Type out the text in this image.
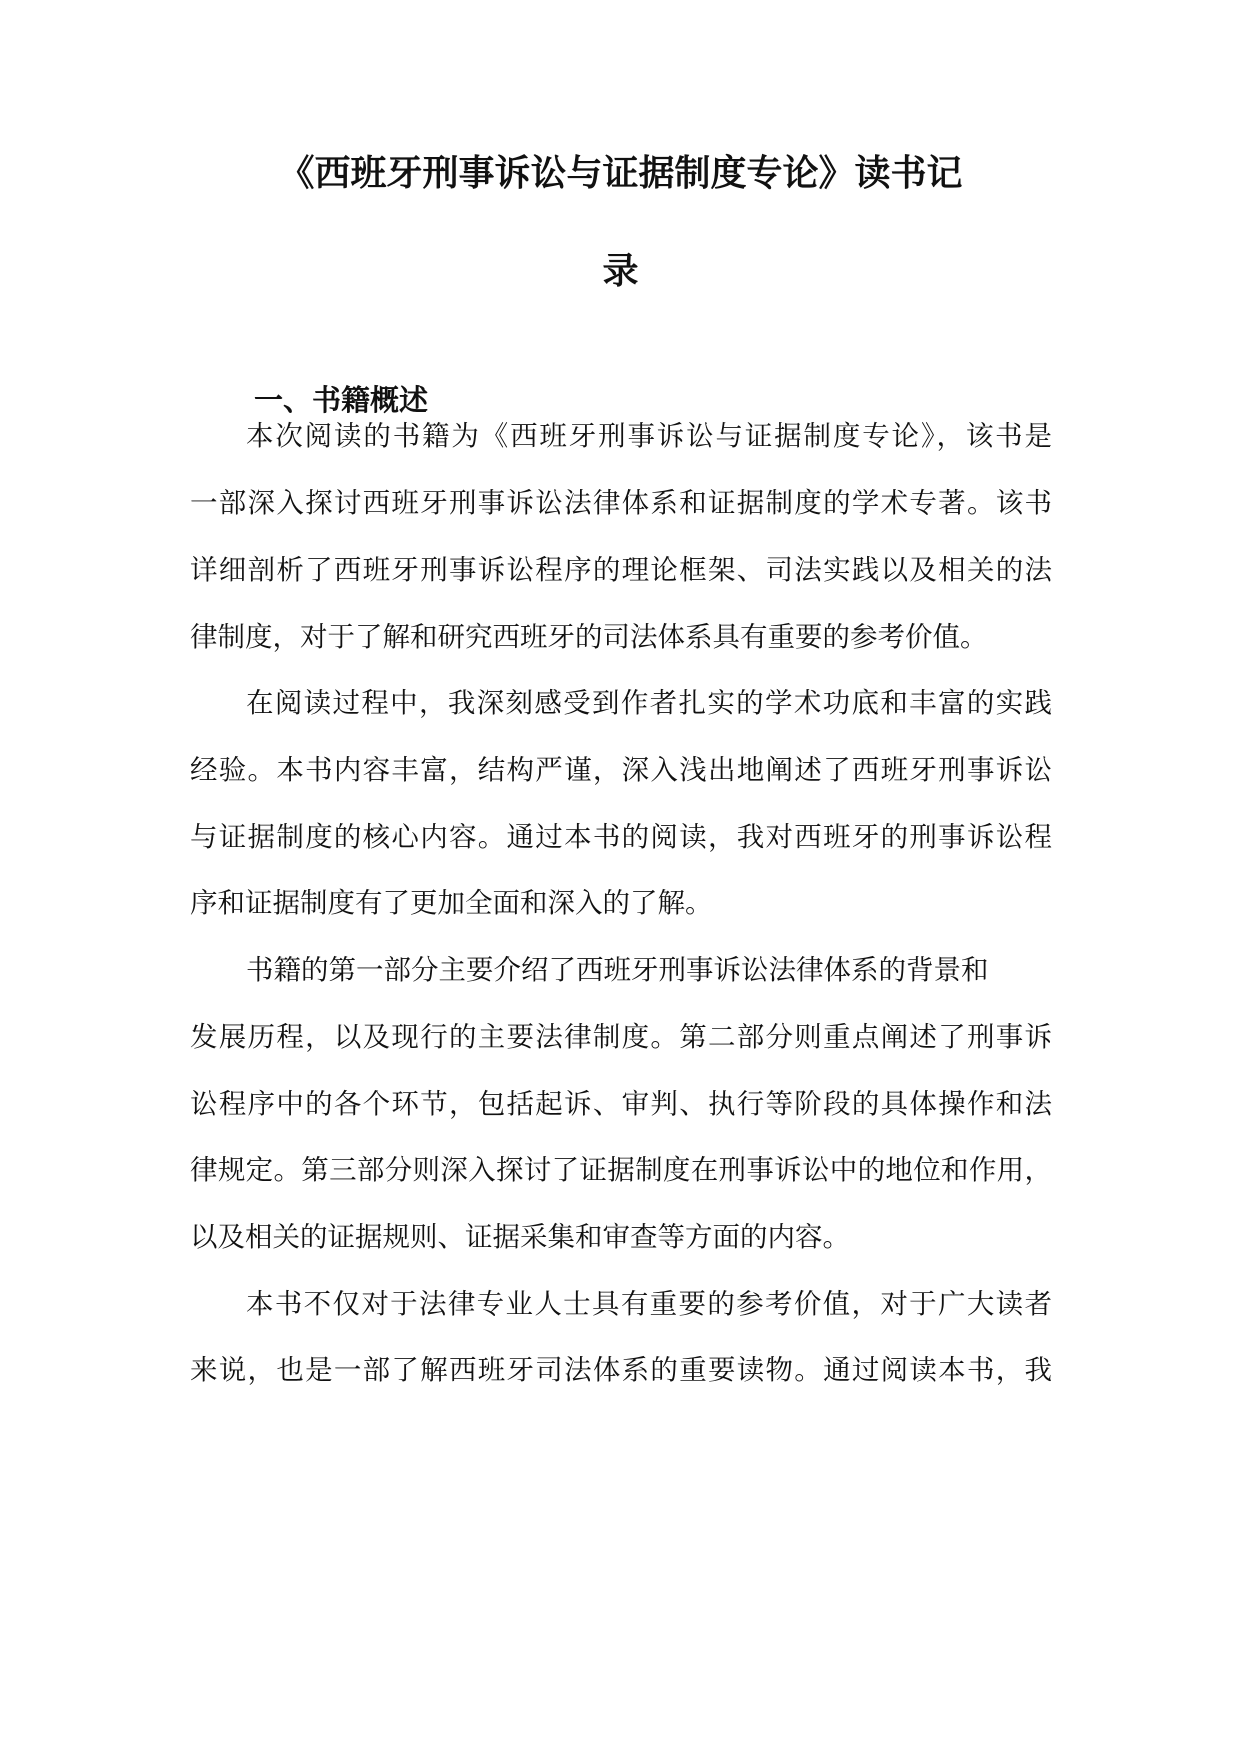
《西班牙刑事诉讼与证据制度专论》读书记
录
一、书籍概述
本次阅读的书籍为《西班牙刑事诉讼与证据制度专论》，该书是
一部深入探讨西班牙刑事诉讼法律体系和证据制度的学术专著。该书
详细剖析了西班牙刑事诉讼程序的理论框架、司法实践以及相关的法
律制度，对于了解和研究西班牙的司法体系具有重要的参考价值。
在阅读过程中，我深刻感受到作者扎实的学术功底和丰富的实践
经验。本书内容丰富，结构严谨，深入浅出地阐述了西班牙刑事诉讼
与证据制度的核心内容。通过本书的阅读，我对西班牙的刑事诉讼程
序和证据制度有了更加全面和深入的了解。
书籍的第一部分主要介绍了西班牙刑事诉讼法律体系的背景和
发展历程，以及现行的主要法律制度。第二部分则重点阐述了刑事诉
讼程序中的各个环节，包括起诉、审判、执行等阶段的具体操作和法
律规定。第三部分则深入探讨了证据制度在刑事诉讼中的地位和作用，
以及相关的证据规则、证据采集和审查等方面的内容。
本书不仅对于法律专业人士具有重要的参考价值，对于广大读者
来说，也是一部了解西班牙司法体系的重要读物。通过阅读本书，我
